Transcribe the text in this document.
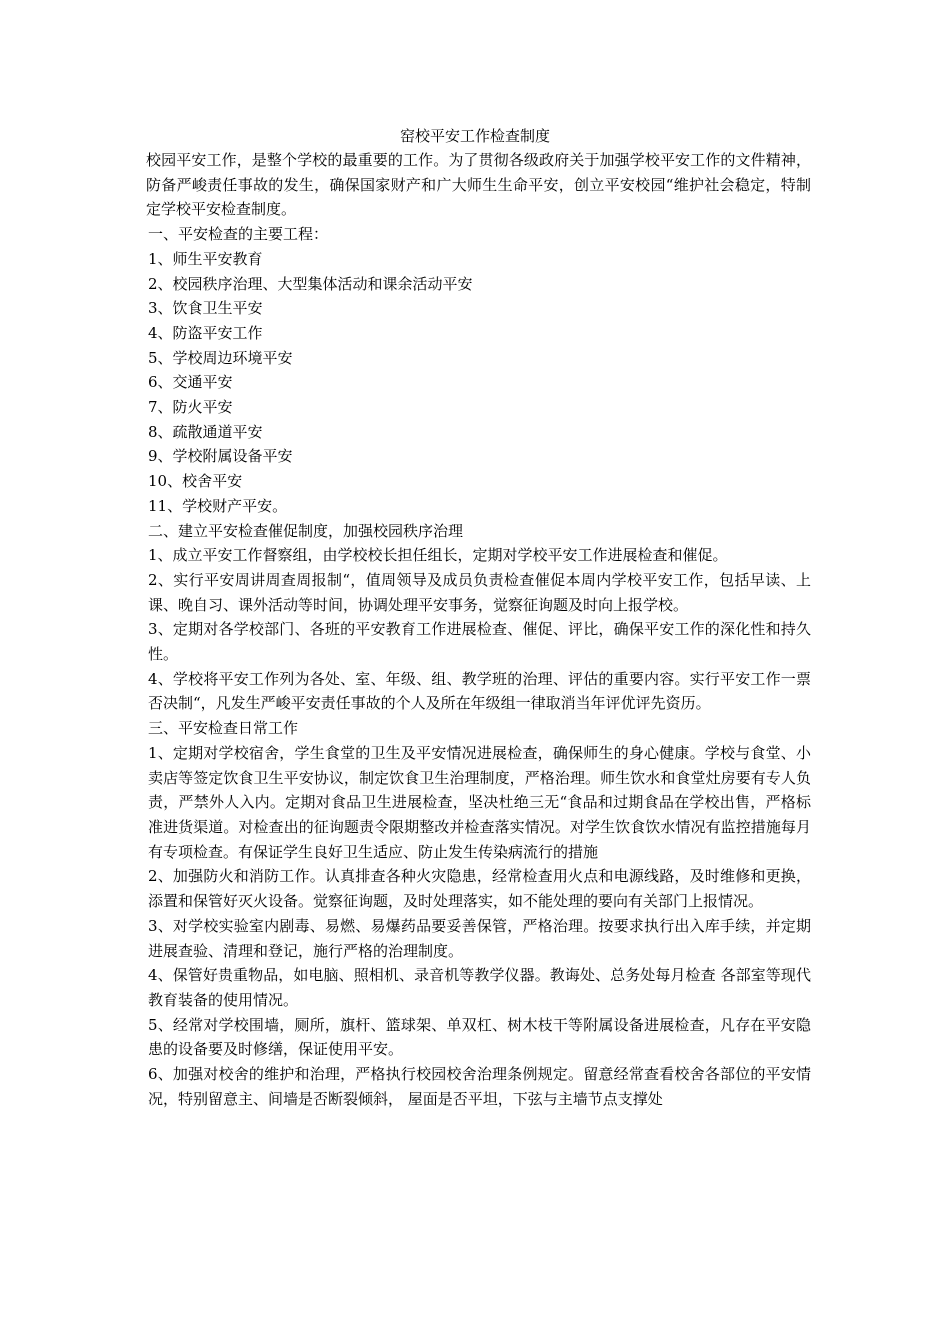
窑校平安工作检查制度

校园平安工作，是整个学校的最重要的工作。为了贯彻各级政府关于加强学校平安工作的文件精神，防备严峻责任事故的发生，确保国家财产和广大师生生命平安，创立平安校园“维护社会稳定，特制定学校平安检查制度。

一、平安检查的主要工程：

1、师生平安教育

2、校园秩序治理、大型集体活动和课余活动平安

3、饮食卫生平安

4、防盗平安工作

5、学校周边环境平安

6、交通平安

7、防火平安

8、疏散通道平安

9、学校附属设备平安

10、校舍平安

11、学校财产平安。

二、建立平安检查催促制度，加强校园秩序治理

1、成立平安工作督察组，由学校校长担任组长，定期对学校平安工作进展检查和催促。

2、实行平安周讲周查周报制“，值周领导及成员负责检查催促本周内学校平安工作，包括早读、上课、晚自习、课外活动等时间，协调处理平安事务，觉察征询题及时向上报学校。

3、定期对各学校部门、各班的平安教育工作进展检查、催促、评比，确保平安工作的深化性和持久性。

4、学校将平安工作列为各处、室、年级、组、教学班的治理、评估的重要内容。实行平安工作一票否决制“，凡发生严峻平安责任事故的个人及所在年级组一律取消当年评优评先资历。

三、平安检查日常工作

1、定期对学校宿舍，学生食堂的卫生及平安情况进展检查，确保师生的身心健康。学校与食堂、小卖店等签定饮食卫生平安协议，制定饮食卫生治理制度，严格治理。师生饮水和食堂灶房要有专人负责，严禁外人入内。定期对食品卫生进展检查，坚决杜绝三无“食品和过期食品在学校出售，严格标准进货渠道。对检查出的征询题责令限期整改并检查落实情况。对学生饮食饮水情况有监控措施每月有专项检查。有保证学生良好卫生适应、防止发生传染病流行的措施

2、加强防火和消防工作。认真排查各种火灾隐患，经常检查用火点和电源线路，及时维修和更换，添置和保管好灭火设备。觉察征询题，及时处理落实，如不能处理的要向有关部门上报情况。

3、对学校实验室内剧毒、易燃、易爆药品要妥善保管，严格治理。按要求执行出入库手续，并定期进展查验、清理和登记，施行严格的治理制度。

4、保管好贵重物品，如电脑、照相机、录音机等教学仪器。教诲处、总务处每月检查 各部室等现代教育装备的使用情况。

5、经常对学校围墙，厕所，旗杆、篮球架、单双杠、树木枝干等附属设备进展检查，凡存在平安隐患的设备要及时修缮，保证使用平安。

6、加强对校舍的维护和治理，严格执行校园校舍治理条例规定。留意经常查看校舍各部位的平安情况，特别留意主、间墙是否断裂倾斜， 屋面是否平坦，下弦与主墙节点支撑处
